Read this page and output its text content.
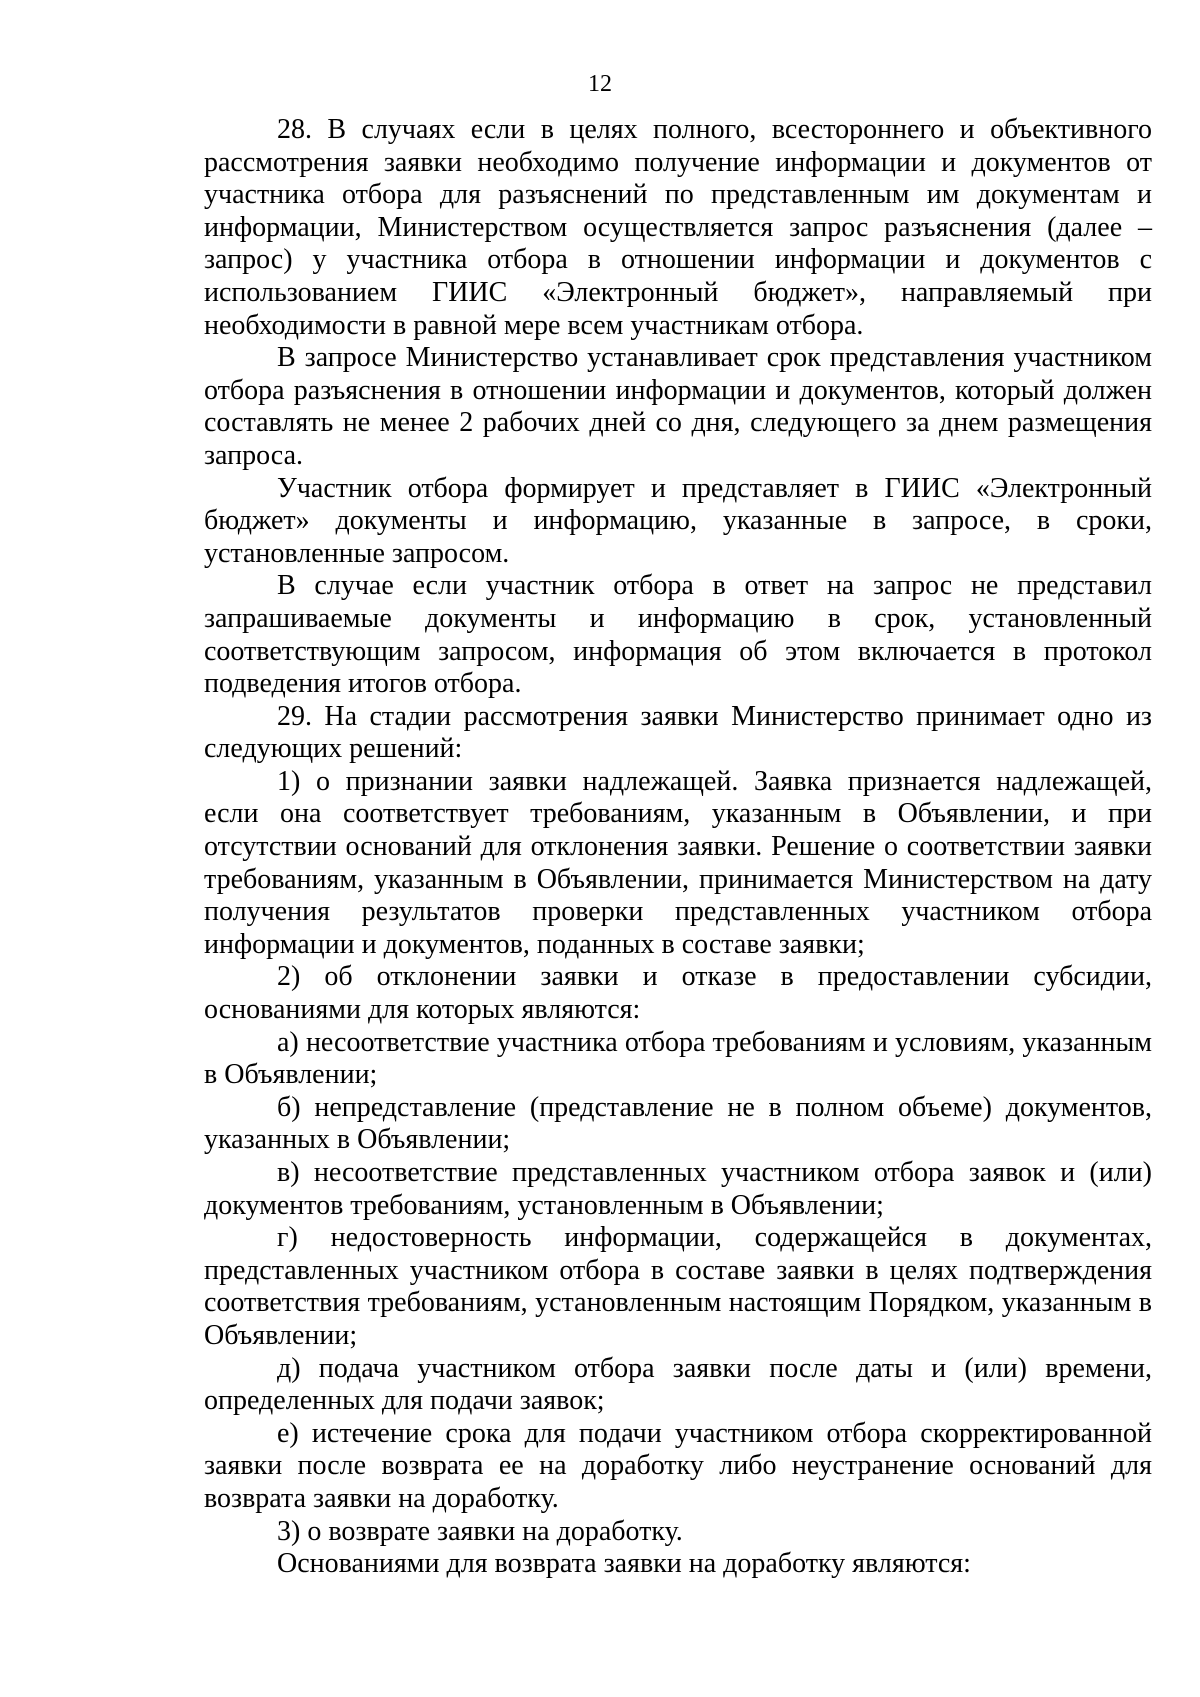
12

28. В случаях если в целях полного, всестороннего и объективного рассмотрения заявки необходимо получение информации и документов от участника отбора для разъяснений по представленным им документам и информации, Министерством осуществляется запрос разъяснения (далее – запрос) у участника отбора в отношении информации и документов с использованием ГИИС «Электронный бюджет», направляемый при необходимости в равной мере всем участникам отбора.

В запросе Министерство устанавливает срок представления участником отбора разъяснения в отношении информации и документов, который должен составлять не менее 2 рабочих дней со дня, следующего за днем размещения запроса.

Участник отбора формирует и представляет в ГИИС «Электронный бюджет» документы и информацию, указанные в запросе, в сроки, установленные запросом.

В случае если участник отбора в ответ на запрос не представил запрашиваемые документы и информацию в срок, установленный соответствующим запросом, информация об этом включается в протокол подведения итогов отбора.

29. На стадии рассмотрения заявки Министерство принимает одно из следующих решений:

1) о признании заявки надлежащей. Заявка признается надлежащей, если она соответствует требованиям, указанным в Объявлении, и при отсутствии оснований для отклонения заявки. Решение о соответствии заявки требованиям, указанным в Объявлении, принимается Министерством на дату получения результатов проверки представленных участником отбора информации и документов, поданных в составе заявки;

2) об отклонении заявки и отказе в предоставлении субсидии, основаниями для которых являются:

а) несоответствие участника отбора требованиям и условиям, указанным в Объявлении;

б) непредставление (представление не в полном объеме) документов, указанных в Объявлении;

в) несоответствие представленных участником отбора заявок и (или) документов требованиям, установленным в Объявлении;

г) недостоверность информации, содержащейся в документах, представленных участником отбора в составе заявки в целях подтверждения соответствия требованиям, установленным настоящим Порядком, указанным в Объявлении;

д) подача участником отбора заявки после даты и (или) времени, определенных для подачи заявок;

е) истечение срока для подачи участником отбора скорректированной заявки после возврата ее на доработку либо неустранение оснований для возврата заявки на доработку.

3) о возврате заявки на доработку.

Основаниями для возврата заявки на доработку являются:
